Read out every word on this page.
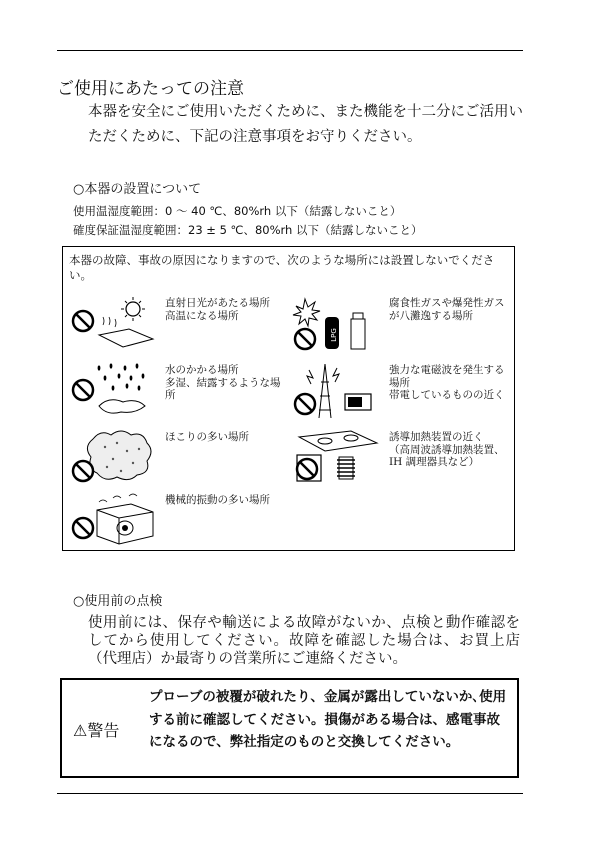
ご使用にあたっての注意
本器を安全にご使用いただくために、また機能を十二分にご活用いただくために、下記の注意事項をお守りください。
○本器の設置について
使用温湿度範囲：0 ～ 40 ℃、80%rh 以下（結露しないこと）
確度保証温湿度範囲：23 ± 5 ℃、80%rh 以下（結露しないこと）
本器の故障、事故の原因になりますので、次のような場所には設置しないでください。
直射日光があたる場所
高温になる場所
LPG
腐食性ガスや爆発性ガスが八灘逸する場所
水のかかる場所
多湿、結露するような場所
強力な電磁波を発生する場所
帯電しているものの近く
ほこりの多い場所	誘導加熱装置の近く
（高周波誘導加熱装置、
IH 調理器具など）
機械的振動の多い場所
○使用前の点検
使用前には、保存や輸送による故障がないか、点検と動作確認をしてから使用してください。故障を確認した場合は、お買上店（代理店）か最寄りの営業所にご連絡ください。
⚠警告
プローブの被覆が破れたり、金属が露出していないか､使用する前に確認してください。損傷がある場合は、感電事故になるので、弊社指定のものと交換してください。
